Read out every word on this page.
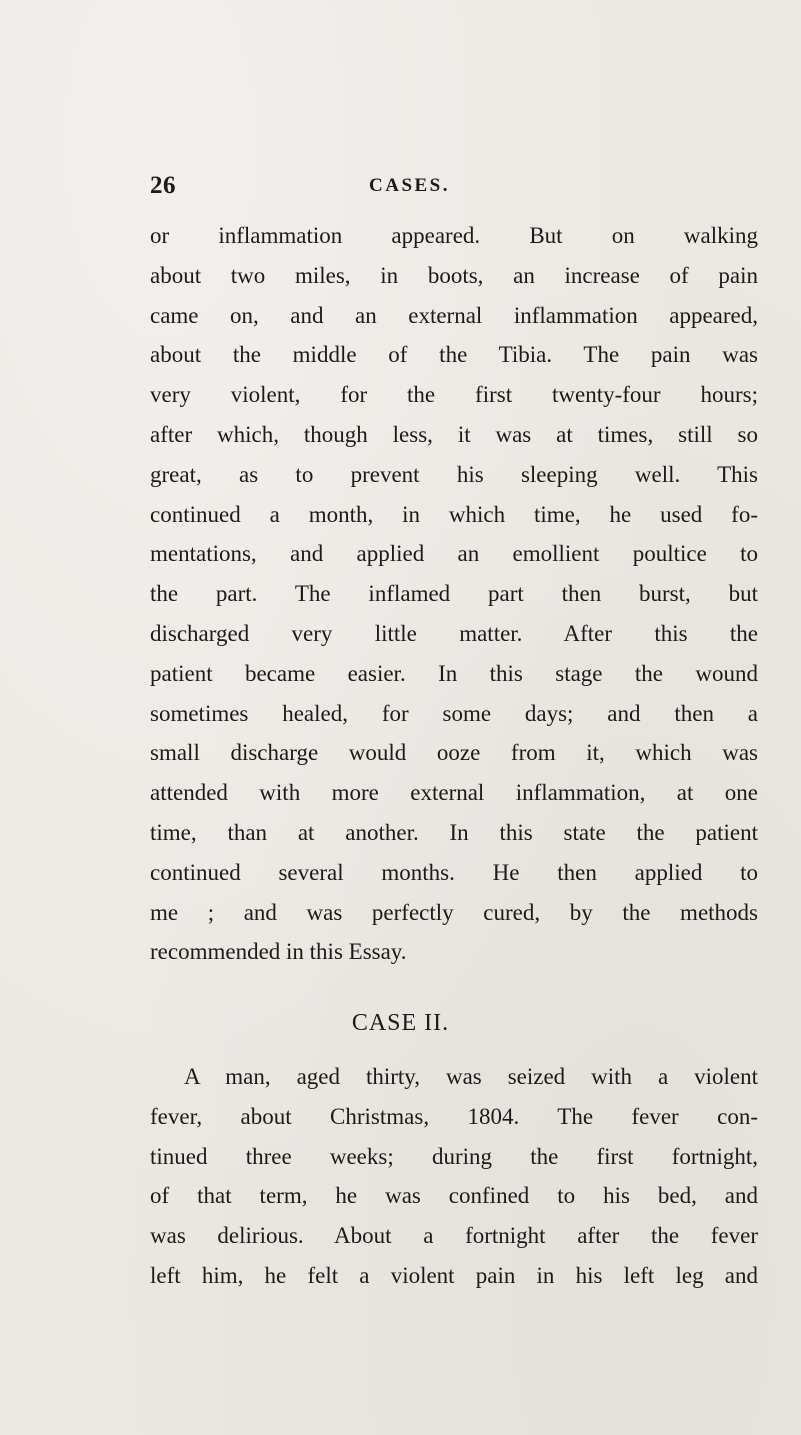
26	CASES.
or inflammation appeared. But on walking
about two miles, in boots, an increase of pain
came on, and an external inflammation appeared,
about the middle of the Tibia. The pain was
very violent, for the first twenty-four hours;
after which, though less, it was at times, still so
great, as to prevent his sleeping well. This
continued a month, in which time, he used fo-
mentations, and applied an emollient poultice to
the part. The inflamed part then burst, but
discharged very little matter. After this the
patient became easier. In this stage the wound
sometimes healed, for some days; and then a
small discharge would ooze from it, which was
attended with more external inflammation, at one
time, than at another. In this state the patient
continued several months. He then applied to
me ; and was perfectly cured, by the methods
recommended in this Essay.
CASE II.
A man, aged thirty, was seized with a violent
fever, about Christmas, 1804. The fever con-
tinued three weeks; during the first fortnight,
of that term, he was confined to his bed, and
was delirious. About a fortnight after the fever
left him, he felt a violent pain in his left leg and
